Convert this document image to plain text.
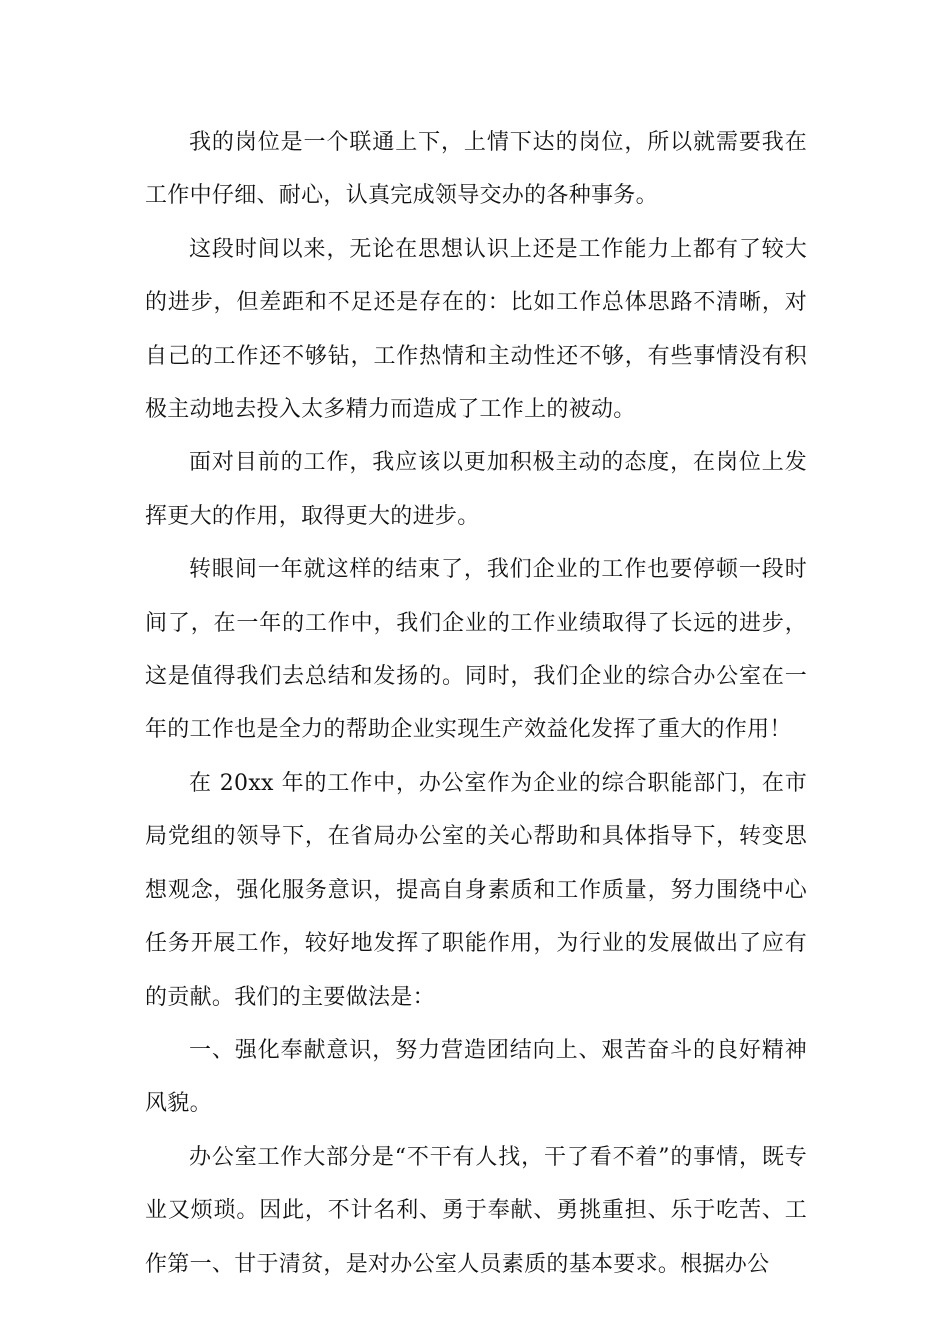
我的岗位是一个联通上下，上情下达的岗位，所以就需要我在工作中仔细、耐心，认真完成领导交办的各种事务。

这段时间以来，无论在思想认识上还是工作能力上都有了较大的进步，但差距和不足还是存在的：比如工作总体思路不清晰，对自己的工作还不够钻，工作热情和主动性还不够，有些事情没有积极主动地去投入太多精力而造成了工作上的被动。

面对目前的工作，我应该以更加积极主动的态度，在岗位上发挥更大的作用，取得更大的进步。

转眼间一年就这样的结束了，我们企业的工作也要停顿一段时间了，在一年的工作中，我们企业的工作业绩取得了长远的进步，这是值得我们去总结和发扬的。同时，我们企业的综合办公室在一年的工作也是全力的帮助企业实现生产效益化发挥了重大的作用！

在 20xx 年的工作中，办公室作为企业的综合职能部门，在市局党组的领导下，在省局办公室的关心帮助和具体指导下，转变思想观念，强化服务意识，提高自身素质和工作质量，努力围绕中心任务开展工作，较好地发挥了职能作用，为行业的发展做出了应有的贡献。我们的主要做法是：

一、强化奉献意识，努力营造团结向上、艰苦奋斗的良好精神风貌。

办公室工作大部分是“不干有人找，干了看不着”的事情，既专业又烦琐。因此，不计名利、勇于奉献、勇挑重担、乐于吃苦、工作第一、甘于清贫，是对办公室人员素质的基本要求。根据办公
